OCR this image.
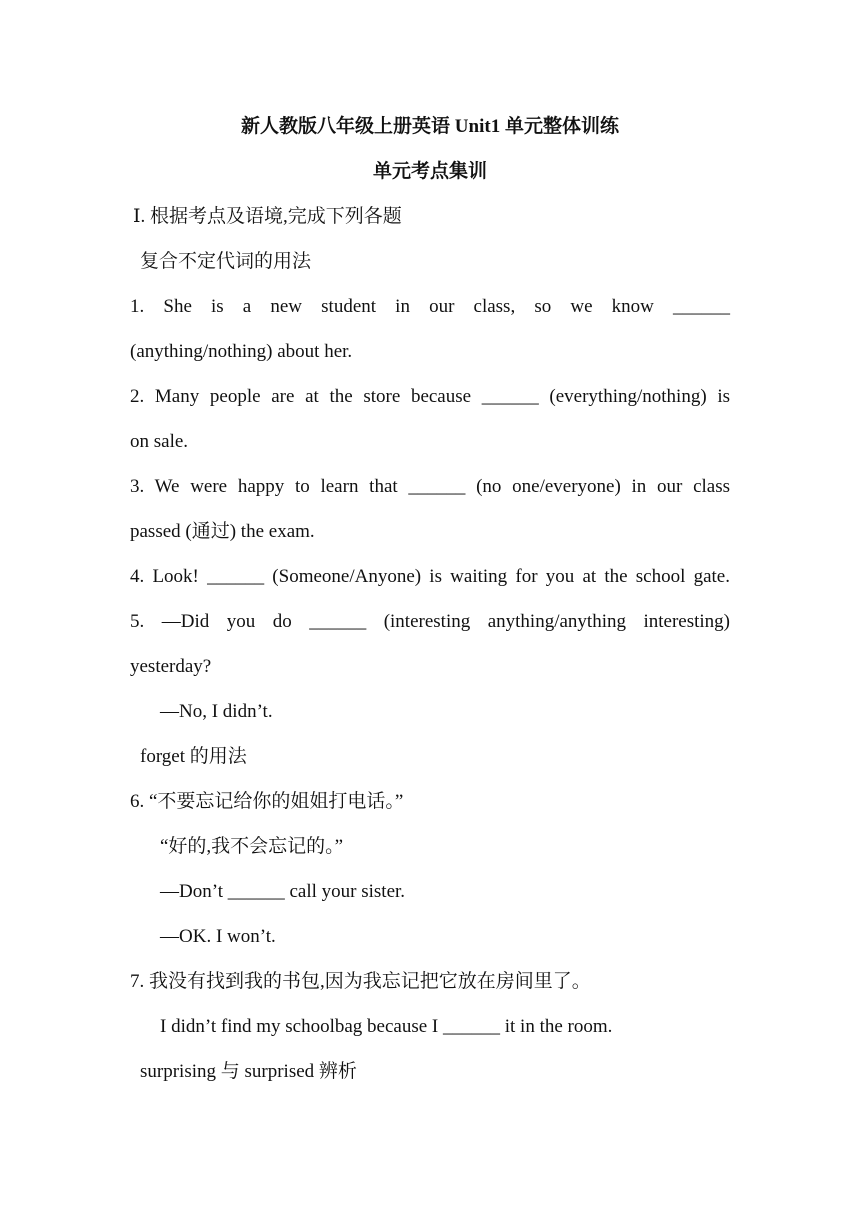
新人教版八年级上册英语 Unit1 单元整体训练
单元考点集训
Ⅰ. 根据考点及语境,完成下列各题
复合不定代词的用法
1. She is a new student in our class, so we know ______
(anything/nothing) about her.
2. Many people are at the store because ______ (everything/nothing) is
on sale.
3. We were happy to learn that ______ (no one/everyone) in our class
passed (通过) the exam.
4. Look! ______ (Someone/Anyone) is waiting for you at the school gate.
5. —Did you do ______ (interesting anything/anything interesting)
yesterday?
—No, I didn’t.
forget 的用法
6. “不要忘记给你的姐姐打电话。”
“好的,我不会忘记的。”
—Don’t ______ call your sister.
—OK. I won’t.
7. 我没有找到我的书包,因为我忘记把它放在房间里了。
I didn’t find my schoolbag because I ______ it in the room.
surprising 与 surprised 辨析
